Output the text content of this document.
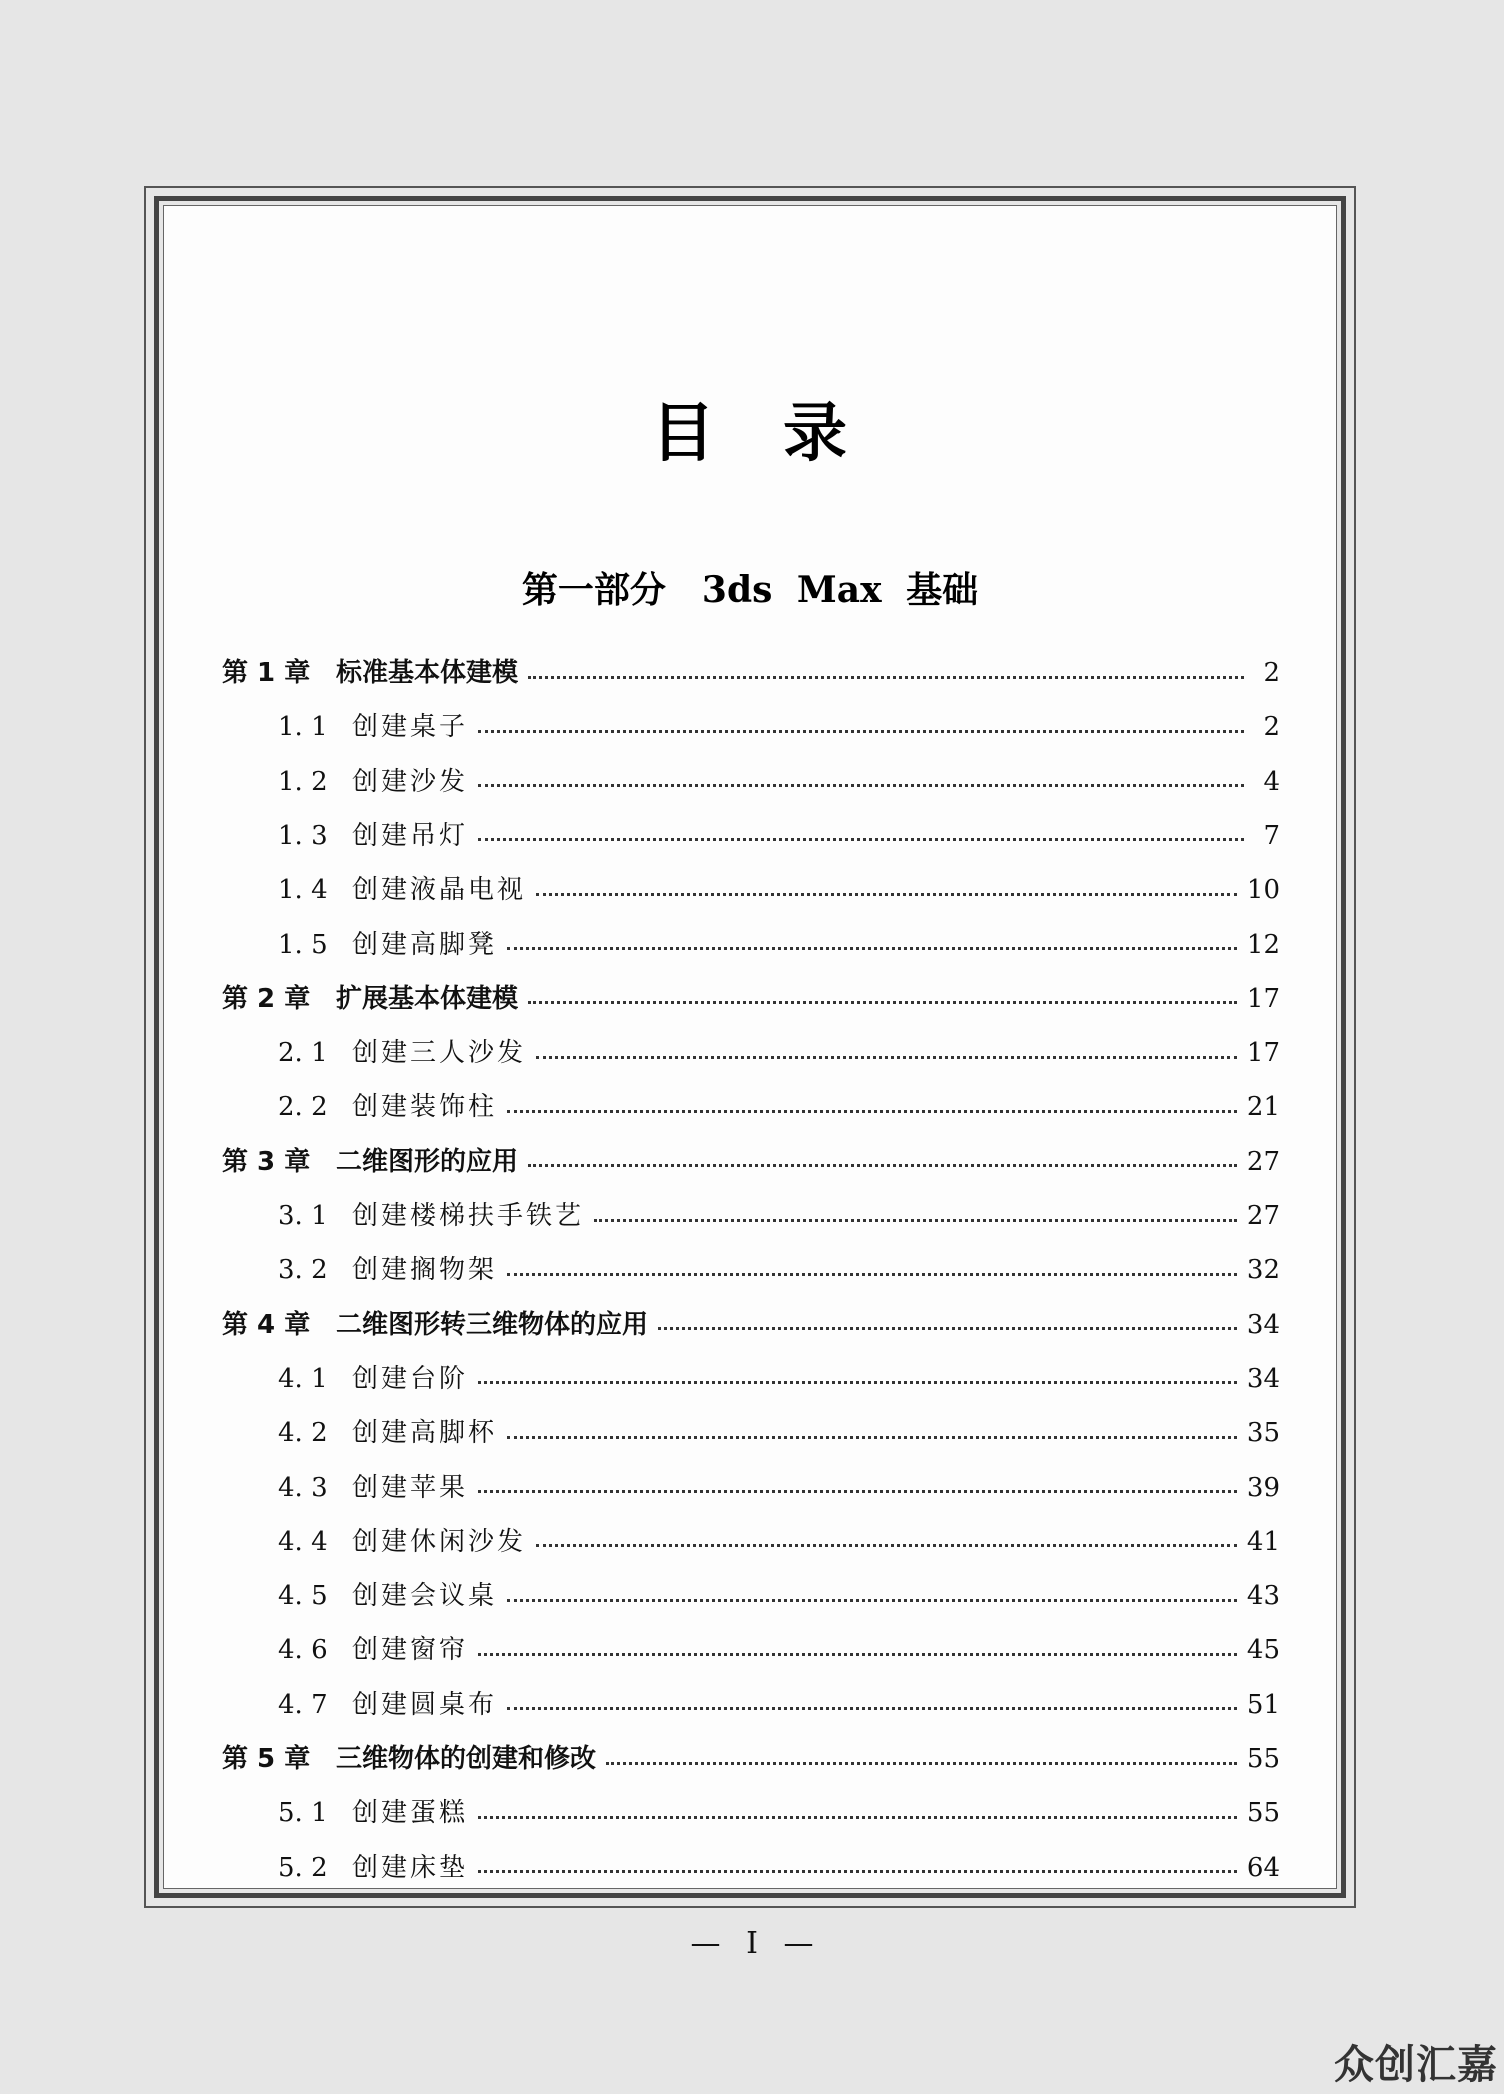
目　录
第一部分　3ds Max 基础
第 1 章 标准基本体建模	2
1. 1 创建桌子	2
1. 2 创建沙发	4
1. 3 创建吊灯	7
1. 4 创建液晶电视	10
1. 5 创建高脚凳	12
第 2 章 扩展基本体建模	17
2. 1 创建三人沙发	17
2. 2 创建装饰柱	21
第 3 章 二维图形的应用	27
3. 1 创建楼梯扶手铁艺	27
3. 2 创建搁物架	32
第 4 章 二维图形转三维物体的应用	34
4. 1 创建台阶	34
4. 2 创建高脚杯	35
4. 3 创建苹果	39
4. 4 创建休闲沙发	41
4. 5 创建会议桌	43
4. 6 创建窗帘	45
4. 7 创建圆桌布	51
第 5 章 三维物体的创建和修改	55
5. 1 创建蛋糕	55
5. 2 创建床垫	64
— I —
众创汇嘉
